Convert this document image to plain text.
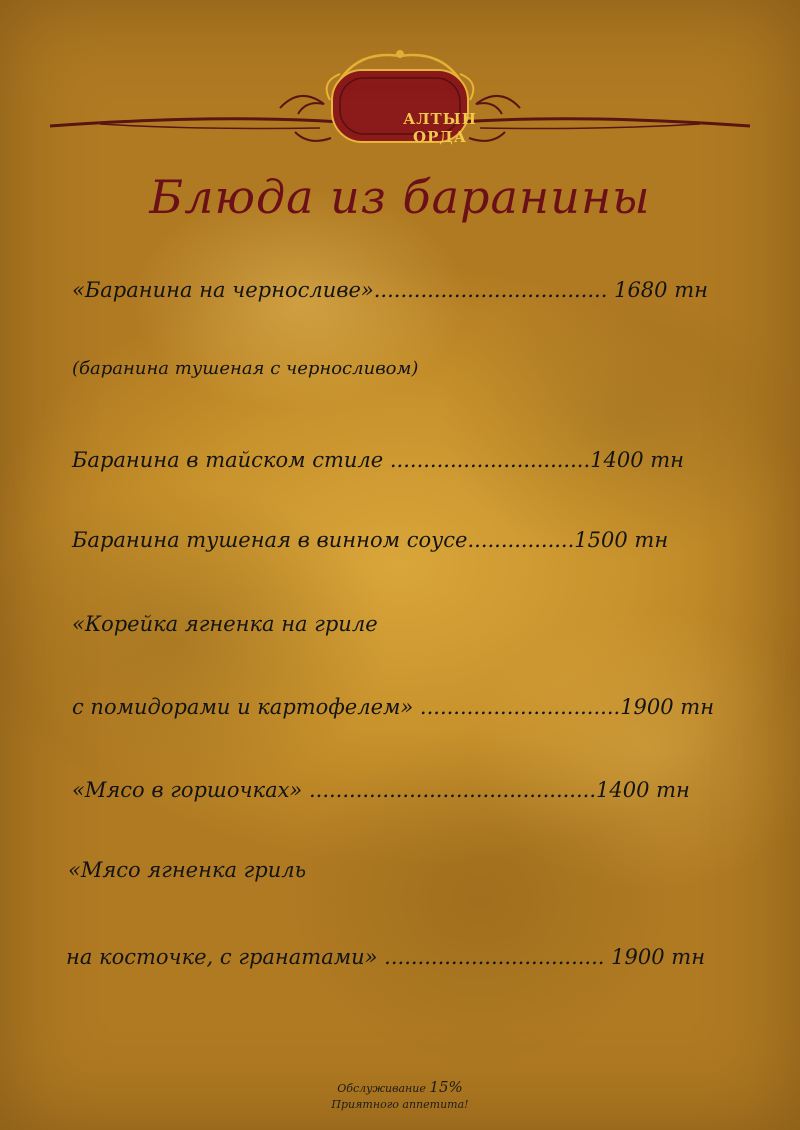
АЛТЫН ОРДА
Блюда из баранины
«Баранина на черносливе»................................... 1680 тн
(баранина тушеная с черносливом)
Баранина в тайском стиле ..............................1400 тн
Баранина тушеная в винном соусе................1500 тн
«Корейка ягненка на гриле
с помидорами и картофелем» ..............................1900 тн
«Мясо в горшочках» ...........................................1400 тн
«Мясо ягненка гриль
на косточке, с гранатами» ................................. 1900 тн
Обслуживание 15%
Приятного аппетита!
